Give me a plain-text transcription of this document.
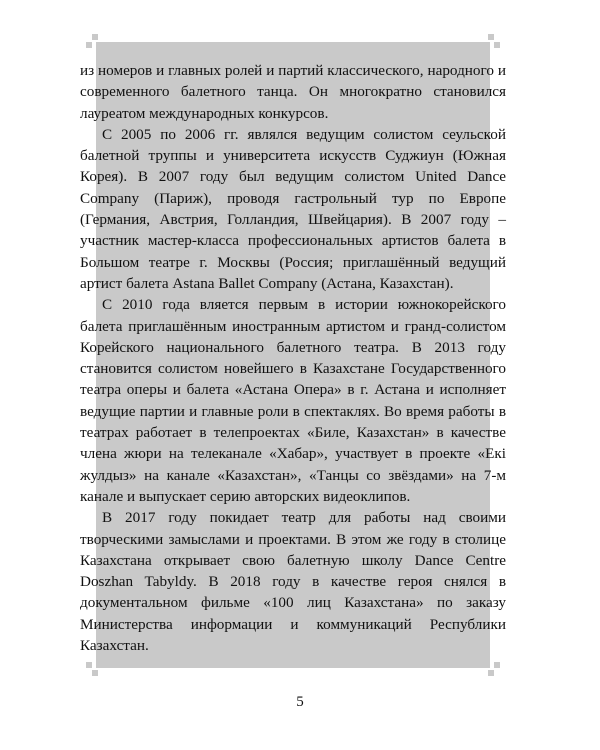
из номеров и главных ролей и партий классического, народного и современного балетного танца. Он многократно становился лауреатом международных конкурсов.

С 2005 по 2006 гг. являлся ведущим солистом сеульской балетной труппы и университета искусств Суджиун (Южная Корея). В 2007 году был ведущим солистом United Dance Company (Париж), проводя гастрольный тур по Европе (Германия, Австрия, Голландия, Швейцария). В 2007 году – участник мастер-класса профессиональных артистов балета в Большом театре г. Москвы (Россия; приглашённый ведущий артист балета Astana Ballet Company (Астана, Казахстан).

С 2010 года вляется первым в истории южнокорейского балета приглашённым иностранным артистом и гранд-солистом Корейского национального балетного театра. В 2013 году становится солистом новейшего в Казахстане Государственного театра оперы и балета «Астана Опера» в г. Астана и исполняет ведущие партии и главные роли в спектаклях. Во время работы в театрах работает в телепроектах «Биле, Казахстан» в качестве члена жюри на телеканале «Хабар», участвует в проекте «Екі жулдыз» на канале «Казахстан», «Танцы со звёздами» на 7-м канале и выпускает серию авторских видеоклипов.

В 2017 году покидает театр для работы над своими творческими замыслами и проектами. В этом же году в столице Казахстана открывает свою балетную школу Dance Centre Doszhan Tabyldy. В 2018 году в качестве героя снялся в документальном фильме «100 лиц Казахстана» по заказу Министерства информации и коммуникаций Республики Казахстан.

5
